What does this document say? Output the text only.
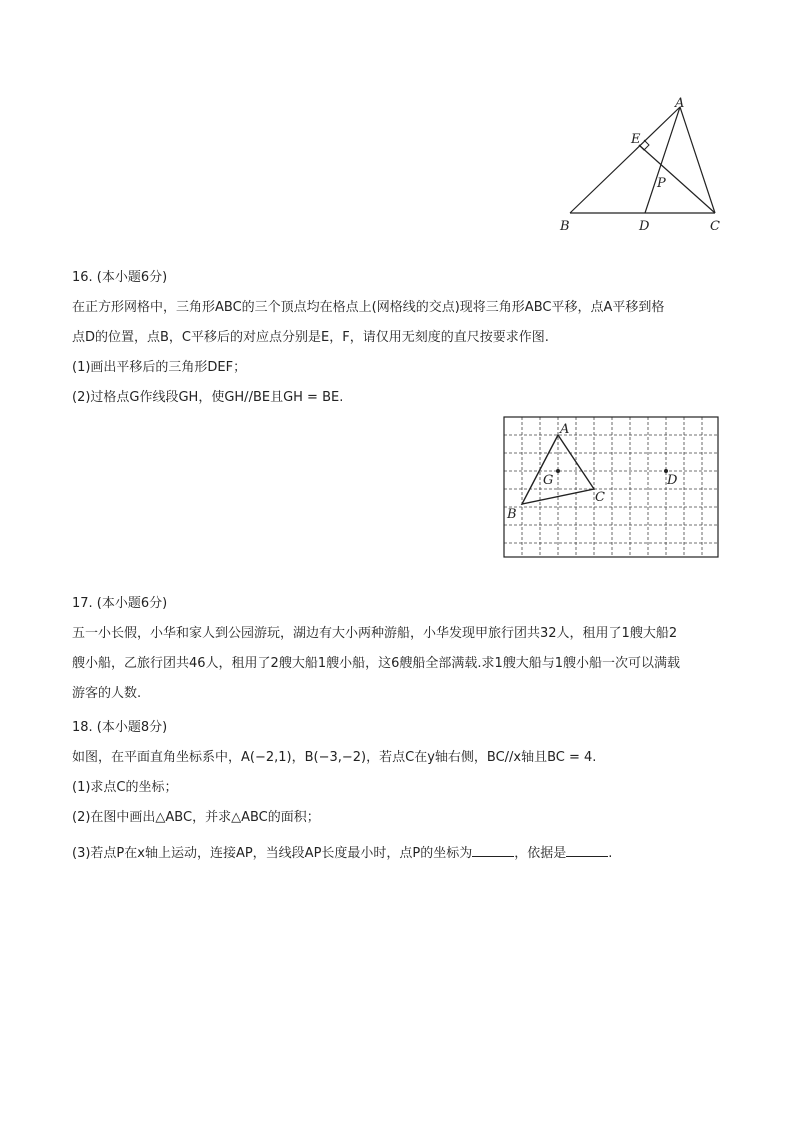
A
E
P
B	D	C
16. (本小题6分)
在正方形网格中，三角形ABC的三个顶点均在格点上(网格线的交点)现将三角形ABC平移，点A平移到格
点D的位置，点B，C平移后的对应点分别是E，F，请仅用无刻度的直尺按要求作图.
(1)画出平移后的三角形DEF；
(2)过格点G作线段GH，使GH//BE且GH = BE.
A
G
C
B
D
17. (本小题6分)
五一小长假，小华和家人到公园游玩，湖边有大小两种游船，小华发现甲旅行团共32人，租用了1艘大船2
艘小船，乙旅行团共46人，租用了2艘大船1艘小船，这6艘船全部满载.求1艘大船与1艘小船一次可以满载
游客的人数.
18. (本小题8分)
如图，在平面直角坐标系中，A(−2,1)，B(−3,−2)，若点C在y轴右侧，BC//x轴且BC = 4.
(1)求点C的坐标；
(2)在图中画出△ABC，并求△ABC的面积；
(3)若点P在x轴上运动，连接AP，当线段AP长度最小时，点P的坐标为	，依据是	.
